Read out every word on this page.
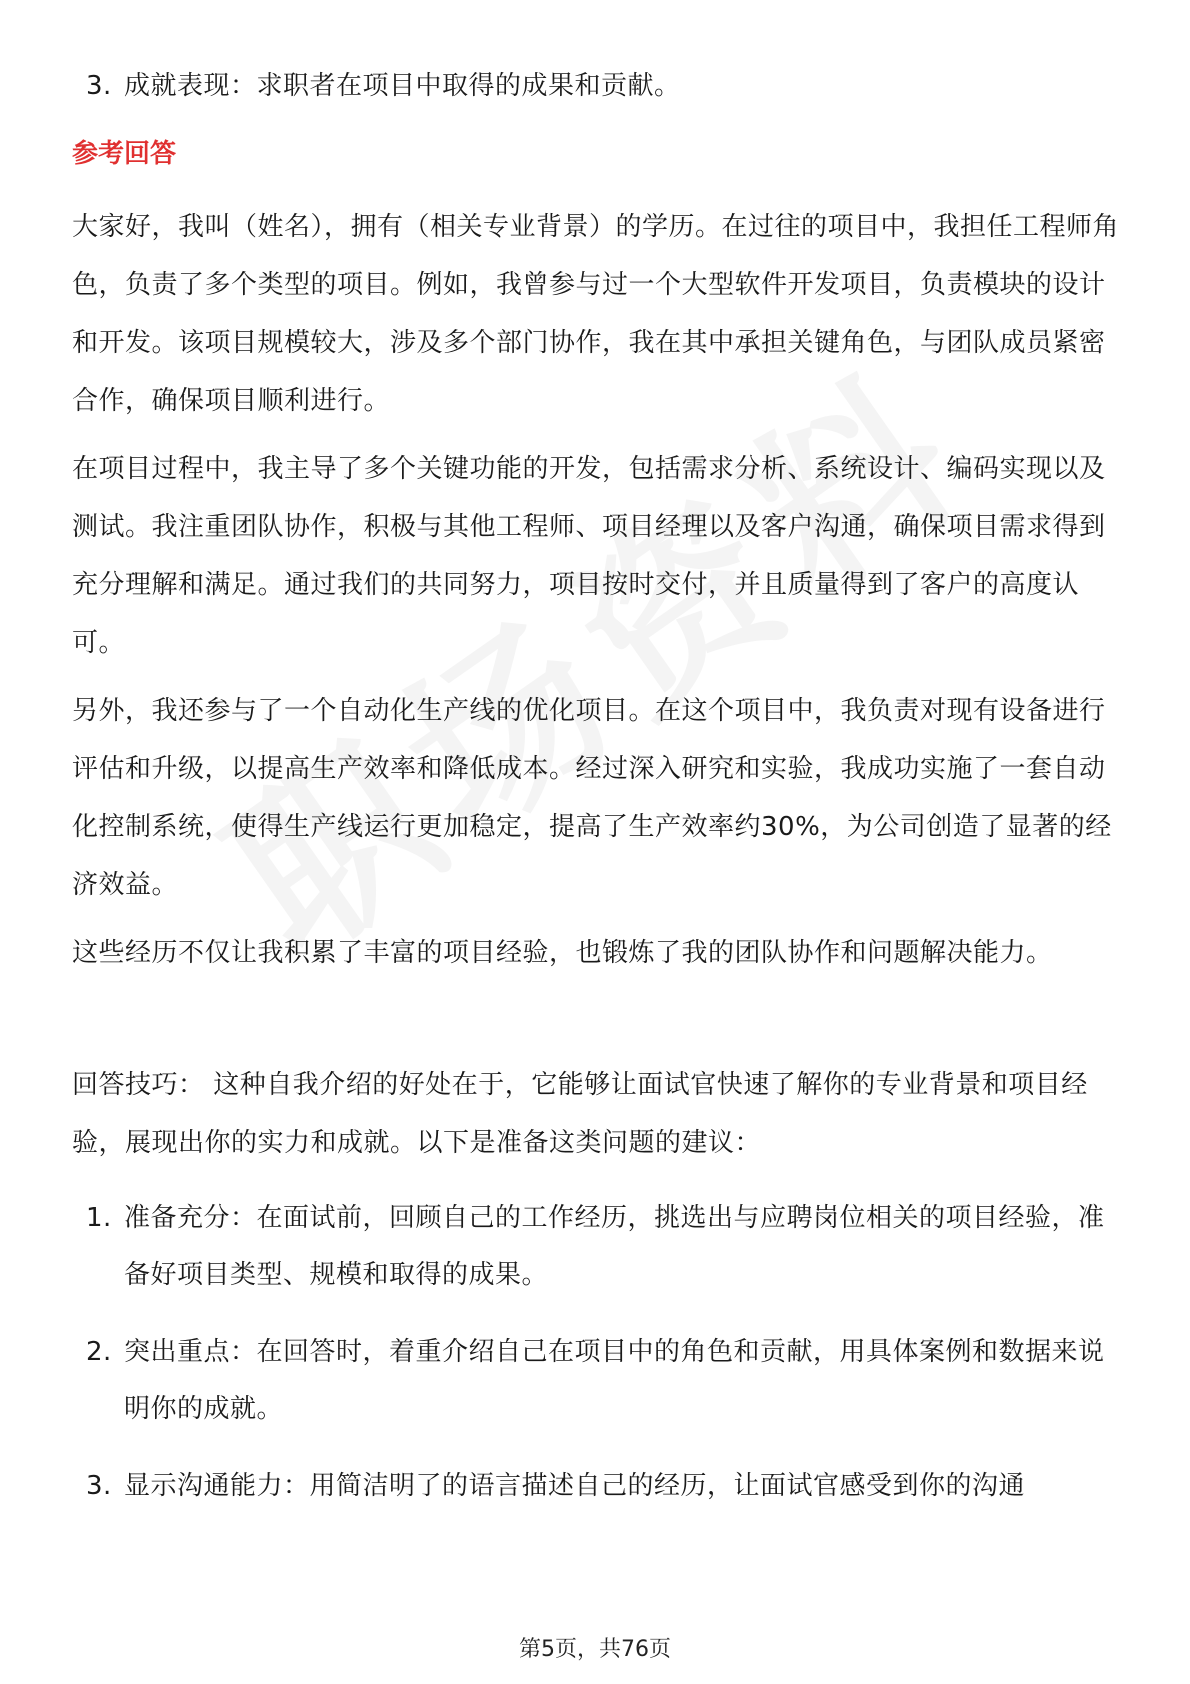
3. 成就表现：求职者在项目中取得的成果和贡献。
参考回答
大家好，我叫（姓名），拥有（相关专业背景）的学历。在过往的项目中，我担任工程师角色，负责了多个类型的项目。例如，我曾参与过一个大型软件开发项目，负责模块的设计和开发。该项目规模较大，涉及多个部门协作，我在其中承担关键角色，与团队成员紧密合作，确保项目顺利进行。
在项目过程中，我主导了多个关键功能的开发，包括需求分析、系统设计、编码实现以及测试。我注重团队协作，积极与其他工程师、项目经理以及客户沟通，确保项目需求得到充分理解和满足。通过我们的共同努力，项目按时交付，并且质量得到了客户的高度认可。
另外，我还参与了一个自动化生产线的优化项目。在这个项目中，我负责对现有设备进行评估和升级，以提高生产效率和降低成本。经过深入研究和实验，我成功实施了一套自动化控制系统，使得生产线运行更加稳定，提高了生产效率约30%，为公司创造了显著的经济效益。
这些经历不仅让我积累了丰富的项目经验，也锻炼了我的团队协作和问题解决能力。
回答技巧： 这种自我介绍的好处在于，它能够让面试官快速了解你的专业背景和项目经验，展现出你的实力和成就。以下是准备这类问题的建议：
1. 准备充分：在面试前，回顾自己的工作经历，挑选出与应聘岗位相关的项目经验，准备好项目类型、规模和取得的成果。
2. 突出重点：在回答时，着重介绍自己在项目中的角色和贡献，用具体案例和数据来说明你的成就。
3. 显示沟通能力：用简洁明了的语言描述自己的经历，让面试官感受到你的沟通
第5页，共76页
